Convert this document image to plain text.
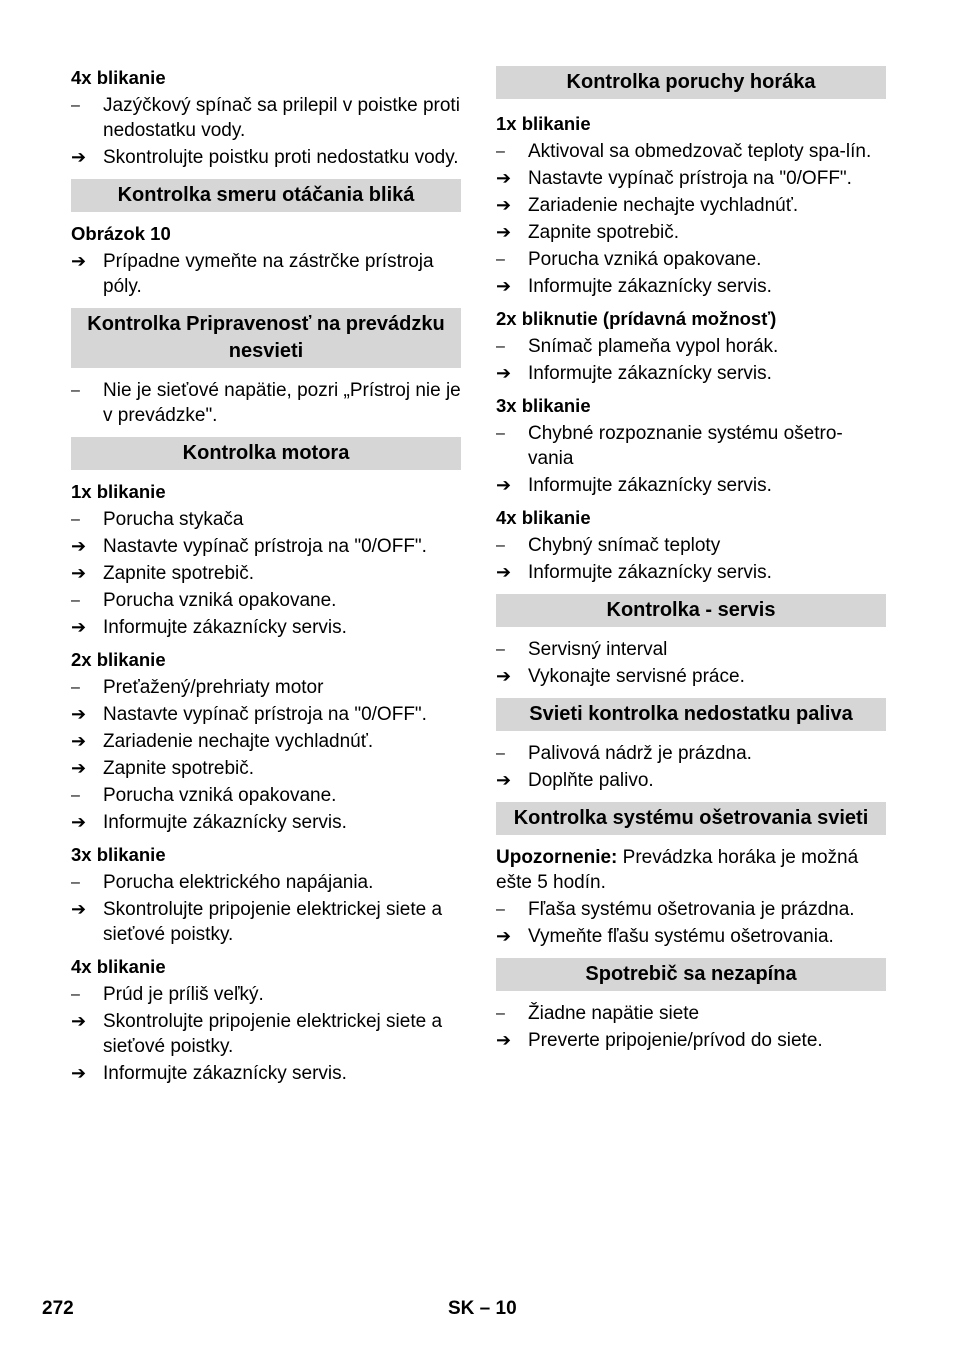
4x blikanie
–	Jazýčkový spínač sa prilepil v poistke proti nedostatku vody.
➔ Skontrolujte poistku proti nedostatku vody.
Kontrolka smeru otáčania bliká
Obrázok 10
➔ Prípadne vymeňte na zástrčke prístroja póly.
Kontrolka Pripravenosť na prevádzku nesvieti
–	Nie je sieťové napätie, pozri „Prístroj nie je v prevádzke".
Kontrolka motora
1x blikanie
–	Porucha stykača
➔ Nastavte vypínač prístroja na "0/OFF".
➔ Zapnite spotrebič.
–	Porucha vzniká opakovane.
➔ Informujte zákaznícky servis.
2x blikanie
–	Preťažený/prehriaty motor
➔ Nastavte vypínač prístroja na "0/OFF".
➔ Zariadenie nechajte vychladnúť.
➔ Zapnite spotrebič.
–	Porucha vzniká opakovane.
➔ Informujte zákaznícky servis.
3x blikanie
–	Porucha elektrického napájania.
➔ Skontrolujte pripojenie elektrickej siete a sieťové poistky.
4x blikanie
–	Prúd je príliš veľký.
➔ Skontrolujte pripojenie elektrickej siete a sieťové poistky.
➔ Informujte zákaznícky servis.
Kontrolka poruchy horáka
1x blikanie
–	Aktivoval sa obmedzovač teploty spa-lín.
➔ Nastavte vypínač prístroja na "0/OFF".
➔ Zariadenie nechajte vychladnúť.
➔ Zapnite spotrebič.
–	Porucha vzniká opakovane.
➔ Informujte zákaznícky servis.
2x bliknutie (prídavná možnosť)
–	Snímač plameňa vypol horák.
➔ Informujte zákaznícky servis.
3x blikanie
–	Chybné rozpoznanie systému ošetro-vania
➔ Informujte zákaznícky servis.
4x blikanie
–	Chybný snímač teploty
➔ Informujte zákaznícky servis.
Kontrolka - servis
–	Servisný interval
➔ Vykonajte servisné práce.
Svieti kontrolka nedostatku paliva
–	Palivová nádrž je prázdna.
➔ Doplňte palivo.
Kontrolka systému ošetrovania svieti
Upozornenie: Prevádzka horáka je možná ešte 5 hodín.
–	Fľaša systému ošetrovania je prázdna.
➔ Vymeňte fľašu systému ošetrovania.
Spotrebič sa nezapína
–	Žiadne napätie siete
➔ Preverte pripojenie/prívod do siete.
272	SK – 10
